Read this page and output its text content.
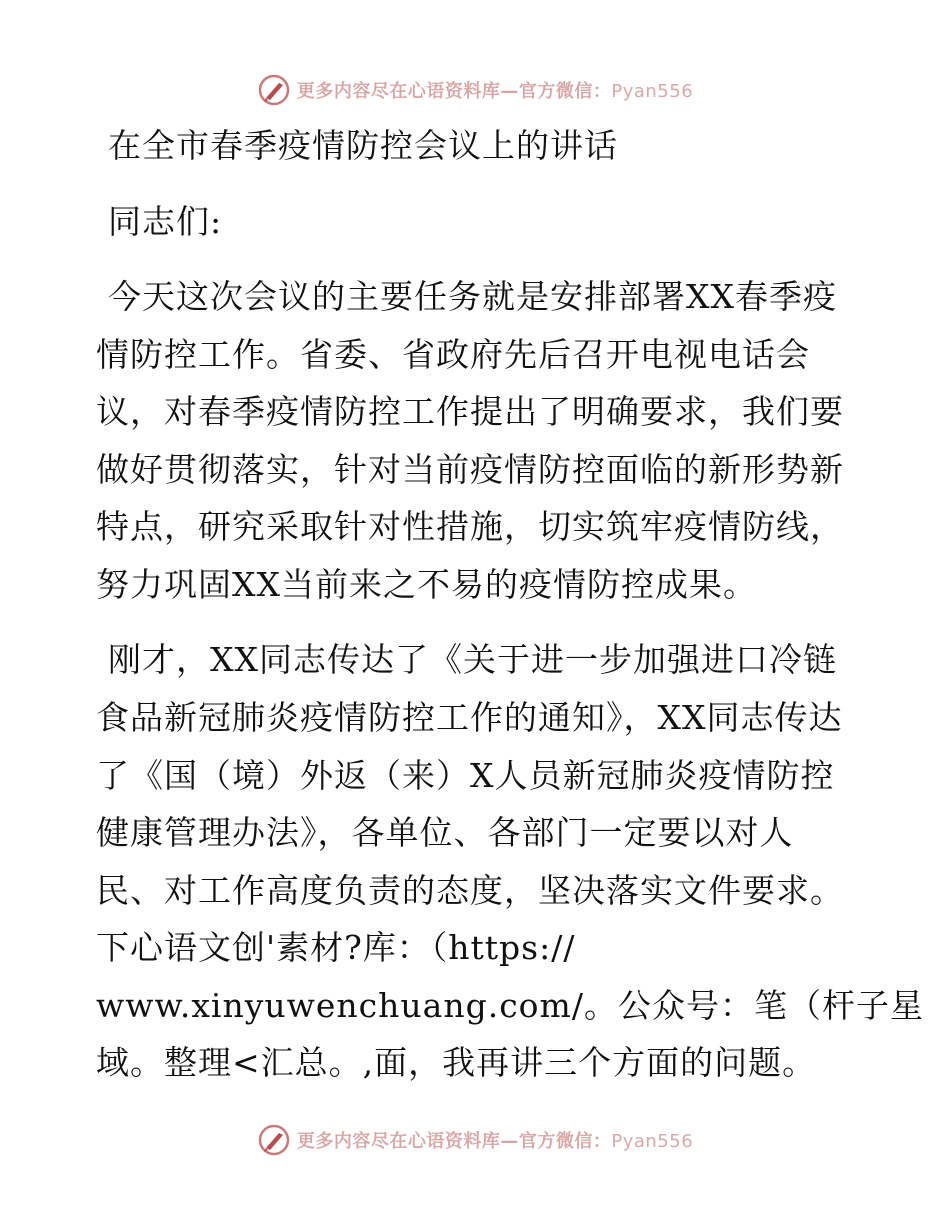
更多内容尽在心语资料库—官方微信：Pyan556
在全市春季疫情防控会议上的讲话
同志们:
今天这次会议的主要任务就是安排部署XX春季疫
情防控工作。省委、省政府先后召开电视电话会
议，对春季疫情防控工作提出了明确要求，我们要
做好贯彻落实，针对当前疫情防控面临的新形势新
特点，研究采取针对性措施，切实筑牢疫情防线，
努力巩固XX当前来之不易的疫情防控成果。
刚才，XX同志传达了《关于进一步加强进口冷链
食品新冠肺炎疫情防控工作的通知》，XX同志传达
了《国（境）外返（来）X人员新冠肺炎疫情防控
健康管理办法》，各单位、各部门一定要以对人
民、对工作高度负责的态度，坚决落实文件要求。
下心语文创'素材?库：（https://
www.xinyuwenchuang.com/。公众号：笔（杆子星
域。整理<汇总。,面，我再讲三个方面的问题。
更多内容尽在心语资料库—官方微信：Pyan556
